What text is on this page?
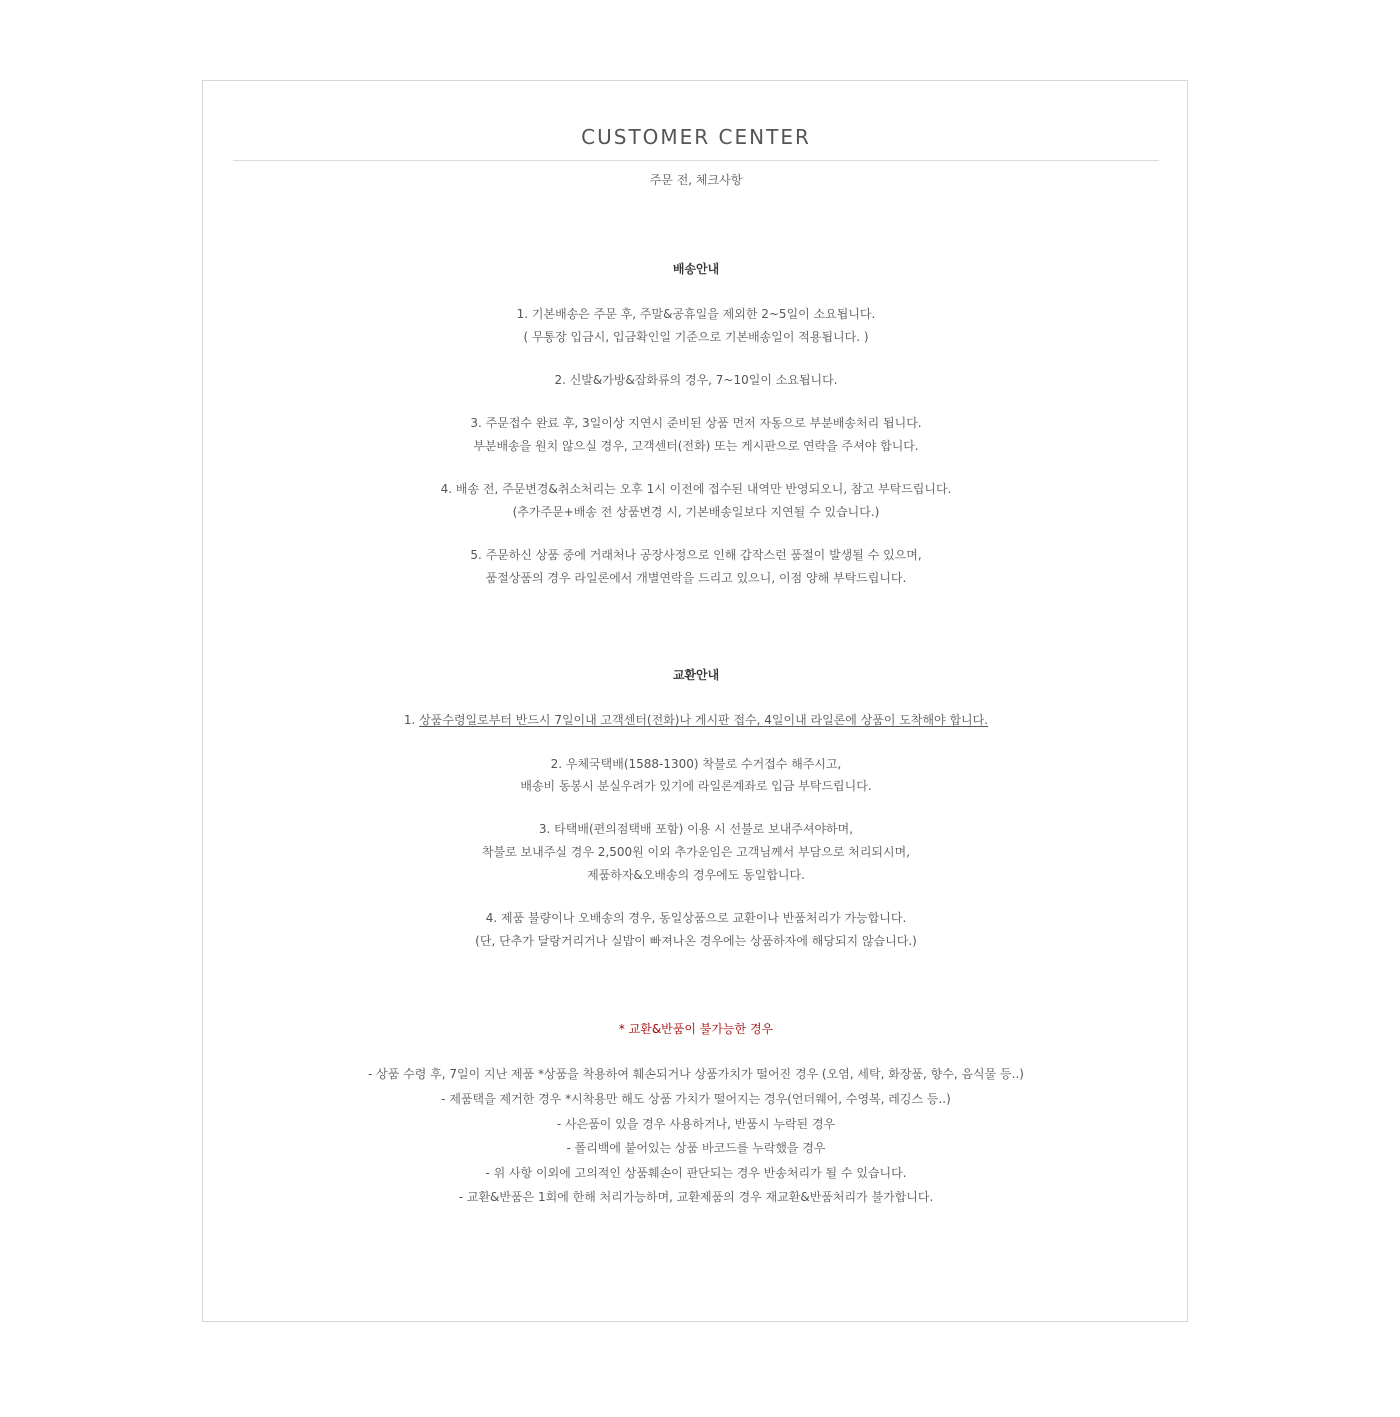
CUSTOMER CENTER
주문 전, 체크사항
배송안내
1. 기본배송은 주문 후, 주말&공휴일을 제외한 2~5일이 소요됩니다.
( 무통장 입금시, 입금확인일 기준으로 기본배송일이 적용됩니다. )
2. 신발&가방&잡화류의 경우, 7~10일이 소요됩니다.
3. 주문접수 완료 후, 3일이상 지연시 준비된 상품 먼저 자동으로 부분배송처리 됩니다.
부분배송을 원치 않으실 경우, 고객센터(전화) 또는 게시판으로 연락을 주셔야 합니다.
4. 배송 전, 주문변경&취소처리는 오후 1시 이전에 접수된 내역만 반영되오니, 참고 부탁드립니다.
(추가주문+배송 전 상품변경 시, 기본배송일보다 지연될 수 있습니다.)
5. 주문하신 상품 중에 거래처나 공장사정으로 인해 갑작스런 품절이 발생될 수 있으며,
품절상품의 경우 라일론에서 개별연락을 드리고 있으니, 이점 양해 부탁드립니다.
교환안내
1. 상품수령일로부터 반드시 7일이내 고객센터(전화)나 게시판 접수, 4일이내 라일론에 상품이 도착해야 합니다.
2. 우체국택배(1588-1300) 착불로 수거접수 해주시고,
배송비 동봉시 분실우려가 있기에 라일론계좌로 입금 부탁드립니다.
3. 타택배(편의점택배 포함) 이용 시 선불로 보내주셔야하며,
착불로 보내주실 경우 2,500원 이외 추가운임은 고객님께서 부담으로 처리되시며,
제품하자&오배송의 경우에도 동일합니다.
4. 제품 불량이나 오배송의 경우, 동일상품으로 교환이나 반품처리가 가능합니다.
(단, 단추가 달랑거리거나 실밥이 빠져나온 경우에는 상품하자에 해당되지 않습니다.)
* 교환&반품이 불가능한 경우
- 상품 수령 후, 7일이 지난 제품 *상품을 착용하여 훼손되거나 상품가치가 떨어진 경우 (오염, 세탁, 화장품, 향수, 음식물 등..)
- 제품택을 제거한 경우 *시착용만 해도 상품 가치가 떨어지는 경우(언더웨어, 수영복, 레깅스 등..)
- 사은품이 있을 경우 사용하거나, 반품시 누락된 경우
- 폴리백에 붙어있는 상품 바코드를 누락했을 경우
- 위 사항 이외에 고의적인 상품훼손이 판단되는 경우 반송처리가 될 수 있습니다.
- 교환&반품은 1회에 한해 처리가능하며, 교환제품의 경우 재교환&반품처리가 불가합니다.
